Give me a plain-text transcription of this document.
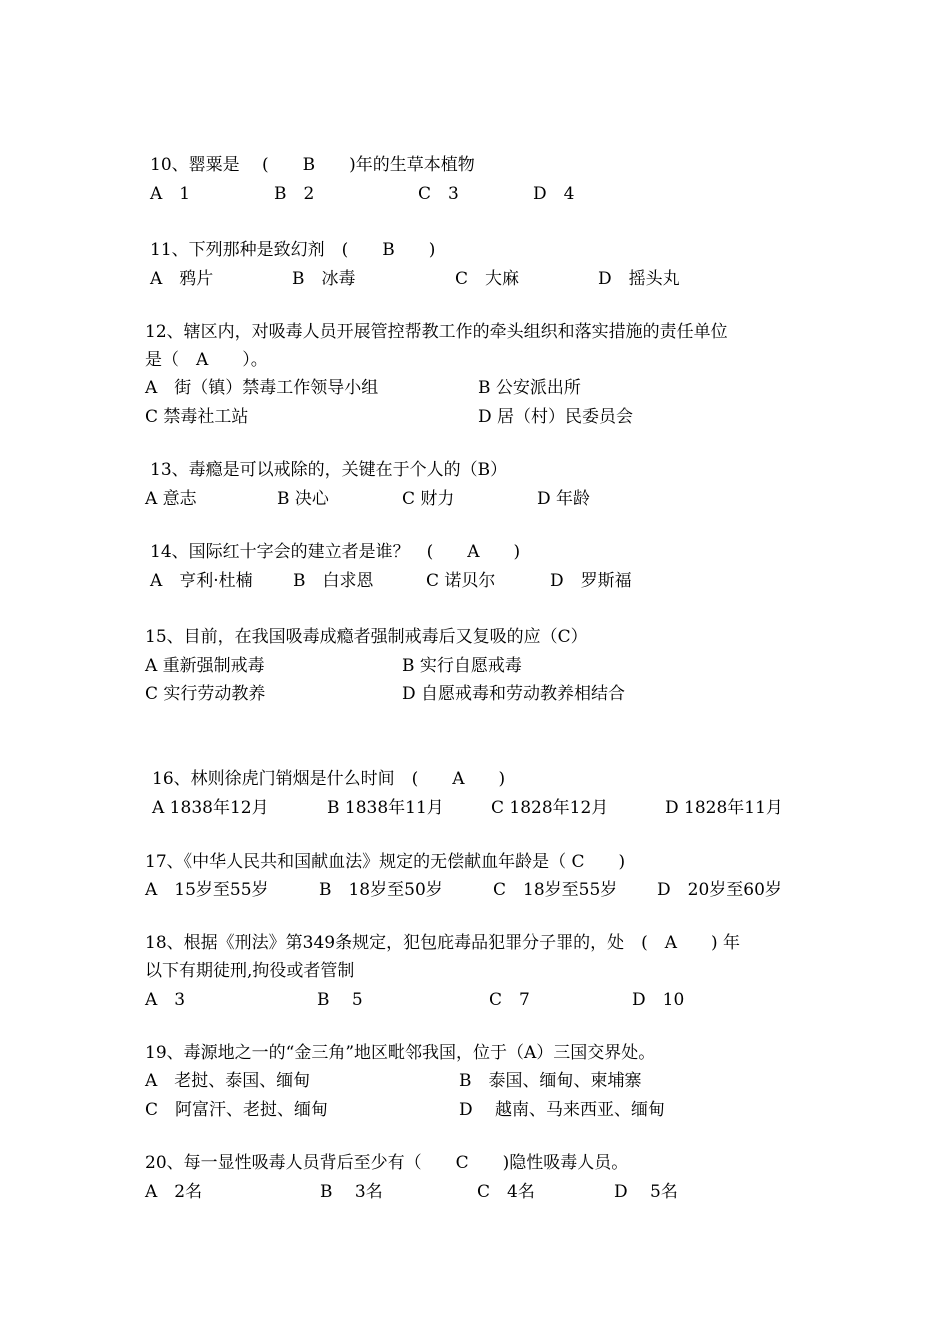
10、罂粟是 　(　　B　　)年的生草本植物
A　1	B　2	C　3	D　4
11、下列那种是致幻剂　(　　B　　)
A　鸦片	B　冰毒	C　大麻	D　摇头丸
12、辖区内，对吸毒人员开展管控帮教工作的牵头组织和落实措施的责任单位
是（　A　　）。
A　街（镇）禁毒工作领导小组	B 公安派出所
C 禁毒社工站	D 居（村）民委员会
13、毒瘾是可以戒除的，关键在于个人的（B）
A 意志	B 决心	C 财力	D 年龄
14、国际红十字会的建立者是谁？　(　　A　　)
A　亨利·杜楠 B　白求恩	C 诺贝尔	D　罗斯福
15、目前，在我国吸毒成瘾者强制戒毒后又复吸的应（C）
A 重新强制戒毒	B 实行自愿戒毒
C 实行劳动教养	D 自愿戒毒和劳动教养相结合
16、林则徐虎门销烟是什么时间　(　　A　　)
A 1838年12月	B 1838年11月	C 1828年12月	D 1828年11月
17、《中华人民共和国献血法》规定的无偿献血年龄是（ C　　)
A　15岁至55岁	B　18岁至50岁	C　18岁至55岁 D　20岁至60岁
18、根据《刑法》第349条规定，犯包庇毒品犯罪分子罪的，处　(　A　　) 年
以下有期徒刑,拘役或者管制
A　3	B　 5	C　7	D　10
19、毒源地之一的“金三角”地区毗邻我国，位于（A）三国交界处。
A　老挝、泰国、缅甸	B　泰国、缅甸、柬埔寨
C　阿富汗、老挝、缅甸	D　 越南、马来西亚、缅甸
20、每一显性吸毒人员背后至少有（　　C　　)隐性吸毒人员。
A　2名	B　 3名	C　4名	D　 5名
